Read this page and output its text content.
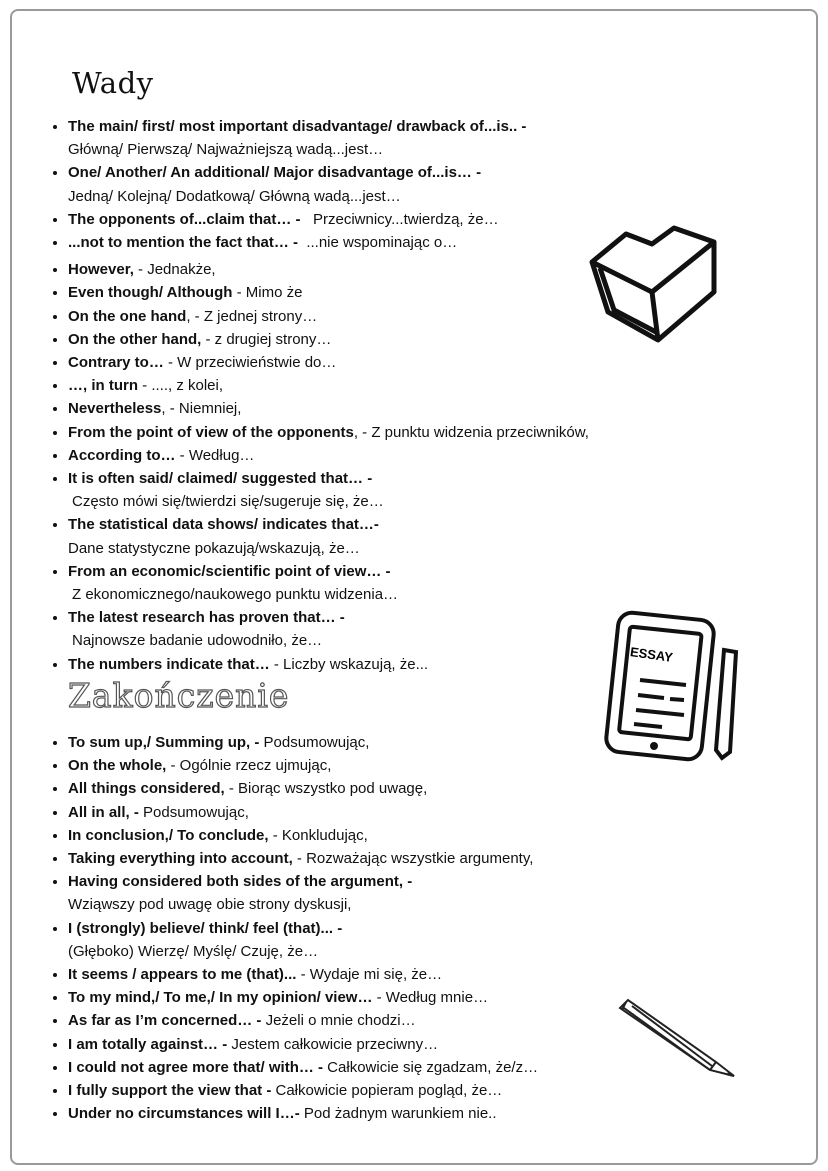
Wady
• The main/ first/ most important disadvantage/ drawback of...is.. -
Główną/ Pierwszą/ Najważniejszą wadą...jest…
• One/ Another/ An additional/ Major disadvantage of...is… -
Jedną/ Kolejną/ Dodatkową/ Główną wadą...jest…
• The opponents of...claim that… -   Przeciwnicy...twierdzą, że…
• ...not to mention the fact that… -  ...nie wspominając o…
• However, - Jednakże,
• Even though/ Although - Mimo że
• On the one hand, - Z jednej strony…
• On the other hand, - z drugiej strony…
• Contrary to… - W przeciwieństwie do…
• …, in turn - ...., z kolei,
• Nevertheless, - Niemniej,
• From the point of view of the opponents, - Z punktu widzenia przeciwników,
• According to… - Według…
• It is often said/ claimed/ suggested that… -
Często mówi się/twierdzi się/sugeruje się, że…
• The statistical data shows/ indicates that…-
Dane statystyczne pokazują/wskazują, że…
• From an economic/scientific point of view… -
Z ekonomicznego/naukowego punktu widzenia…
• The latest research has proven that… -
Najnowsze badanie udowodniło, że…
• The numbers indicate that… - Liczby wskazują, że...
Zakończenie
• To sum up,/ Summing up, - Podsumowując,
• On the whole, - Ogólnie rzecz ujmując,
• All things considered, - Biorąc wszystko pod uwagę,
• All in all, - Podsumowując,
• In conclusion,/ To conclude, - Konkludując,
• Taking everything into account, - Rozważając wszystkie argumenty,
• Having considered both sides of the argument, -
Wziąwszy pod uwagę obie strony dyskusji,
• I (strongly) believe/ think/ feel (that)... -
(Głęboko) Wierzę/ Myślę/ Czuję, że…
• It seems / appears to me (that)... - Wydaje mi się, że…
• To my mind,/ To me,/ In my opinion/ view… - Według mnie…
• As far as I’m concerned… - Jeżeli o mnie chodzi…
• I am totally against… - Jestem całkowicie przeciwny…
• I could not agree more that/ with… - Całkowicie się zgadzam, że/z…
• I fully support the view that - Całkowicie popieram pogląd, że…
• Under no circumstances will I…- Pod żadnym warunkiem nie..
ESSAY
